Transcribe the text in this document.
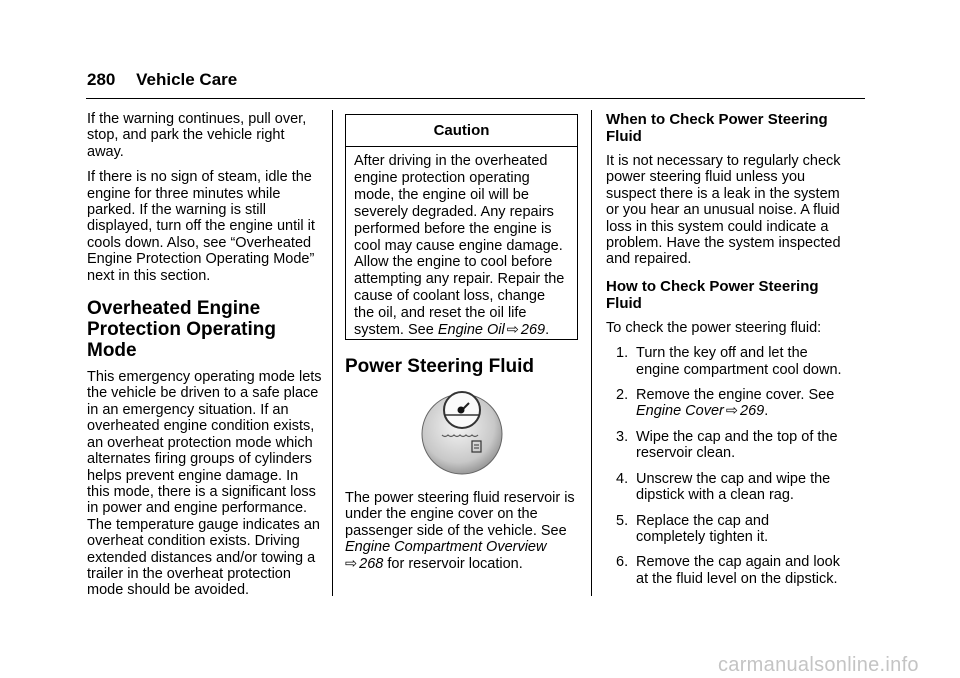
280 Vehicle Care

If the warning continues, pull over, stop, and park the vehicle right away.

If there is no sign of steam, idle the engine for three minutes while parked. If the warning is still displayed, turn off the engine until it cools down. Also, see “Overheated Engine Protection Operating Mode” next in this section.

Overheated Engine Protection Operating Mode

This emergency operating mode lets the vehicle be driven to a safe place in an emergency situation. If an overheated engine condition exists, an overheat protection mode which alternates firing groups of cylinders helps prevent engine damage. In this mode, there is a significant loss in power and engine performance. The temperature gauge indicates an overheat condition exists. Driving extended distances and/or towing a trailer in the overheat protection mode should be avoided.

Caution
After driving in the overheated engine protection operating mode, the engine oil will be severely degraded. Any repairs performed before the engine is cool may cause engine damage. Allow the engine to cool before attempting any repair. Repair the cause of coolant loss, change the oil, and reset the oil life system. See Engine Oil ⇨ 269.
Power Steering Fluid

The power steering fluid reservoir is under the engine cover on the passenger side of the vehicle. See Engine Compartment Overview
⇨ 268 for reservoir location.

When to Check Power Steering Fluid

It is not necessary to regularly check power steering fluid unless you suspect there is a leak in the system or you hear an unusual noise. A fluid loss in this system could indicate a problem. Have the system inspected and repaired.

How to Check Power Steering Fluid

To check the power steering fluid:

1. Turn the key off and let the engine compartment cool down.
2. Remove the engine cover. See
Engine Cover ⇨ 269.
3. Wipe the cap and the top of the reservoir clean.
4. Unscrew the cap and wipe the dipstick with a clean rag.
5. Replace the cap and completely tighten it.
6. Remove the cap again and look at the fluid level on the dipstick.
carmanualsonline.info
